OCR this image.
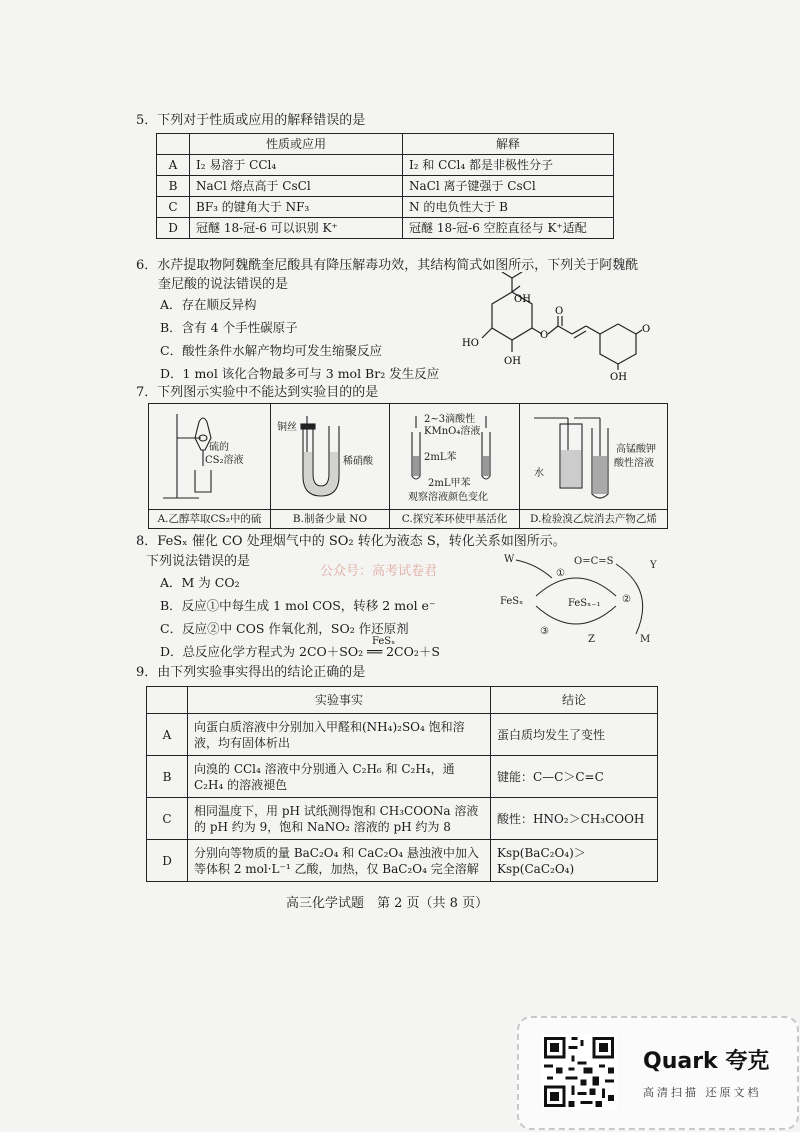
5．下列对于性质或应用的解释错误的是
	性质或应用	解释
A	I₂ 易溶于 CCl₄	I₂ 和 CCl₄ 都是非极性分子
B	NaCl 熔点高于 CsCl	NaCl 离子键强于 CsCl
C	BF₃ 的键角大于 NF₃	N 的电负性大于 B
D	冠醚 18-冠-6 可以识别 K⁺	冠醚 18-冠-6 空腔直径与 K⁺适配
6．水芹提取物阿魏酰奎尼酸具有降压解毒功效，其结构简式如图所示，下列关于阿魏酰
奎尼酸的说法错误的是
A．存在顺反异构
B．含有 4 个手性碳原子
C．酸性条件水解产物均可发生缩聚反应
D．1 mol 该化合物最多可与 3 mol Br₂ 发生反应
OH
HO
OH
O
O
O
OH
7．下列图示实验中不能达到实验目的的是
硫的
CS₂溶液
A.乙醇萃取CS₂中的硫
铜丝
稀硝酸
B.制备少量 NO
2~3滴酸性
KMnO₄溶液
2mL苯
2mL甲苯
观察溶液颜色变化
C.探究苯环使甲基活化
水
高锰酸钾
酸性溶液
D.检验溴乙烷消去产物乙烯
8．FeSₓ 催化 CO 处理烟气中的 SO₂ 转化为液态 S，转化关系如图所示。
下列说法错误的是
公众号：高考试卷君
A．M 为 CO₂
B．反应①中每生成 1 mol COS，转移 2 mol e⁻
C．反应②中 COS 作氧化剂，SO₂ 作还原剂
D．总反应化学方程式为 2CO＋SO₂ ══ 2CO₂＋S
FeSₓ
W	O=C=S	Y
FeSₓ	FeSₓ₋₁
①
②
③
Z	M
9．由下列实验事实得出的结论正确的是
	实验事实	结论
A	向蛋白质溶液中分别加入甲醛和(NH₄)₂SO₄ 饱和溶液，均有固体析出	蛋白质均发生了变性
B	向溴的 CCl₄ 溶液中分别通入 C₂H₆ 和 C₂H₄，通 C₂H₄ 的溶液褪色	键能：C—C＞C=C
C	相同温度下，用 pH 试纸测得饱和 CH₃COONa 溶液的 pH 约为 9，饱和 NaNO₂ 溶液的 pH 约为 8	酸性：HNO₂＞CH₃COOH
D	分别向等物质的量 BaC₂O₄ 和 CaC₂O₄ 悬浊液中加入等体积 2 mol·L⁻¹ 乙酸，加热，仅 BaC₂O₄ 完全溶解	Ksp(BaC₂O₄)＞Ksp(CaC₂O₄)
高三化学试题　第 2 页（共 8 页）
Quark 夸克
高清扫描 还原文档
